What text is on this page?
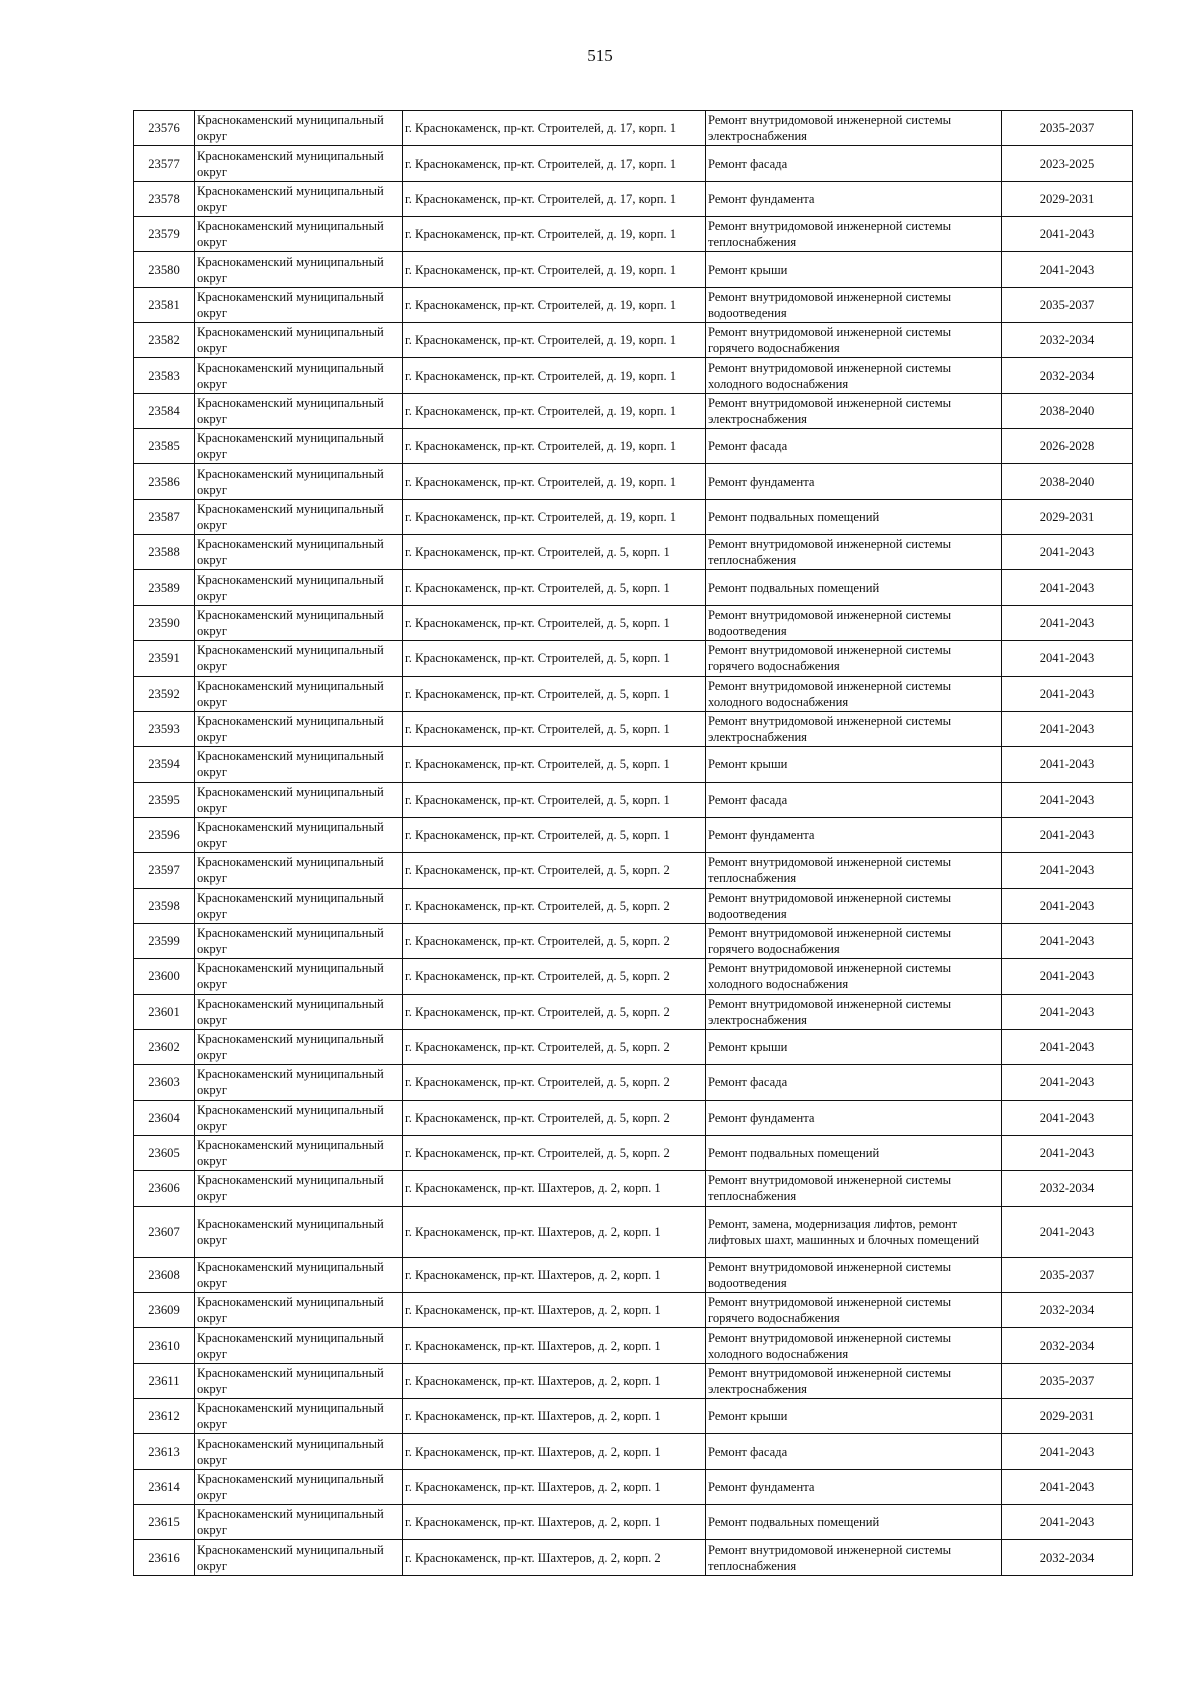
515
23576	Краснокаменский муниципальный округ	г. Краснокаменск, пр-кт. Строителей, д. 17, корп. 1	Ремонт внутридомовой инженерной системы электроснабжения	2035-2037
23577	Краснокаменский муниципальный округ	г. Краснокаменск, пр-кт. Строителей, д. 17, корп. 1	Ремонт фасада	2023-2025
23578	Краснокаменский муниципальный округ	г. Краснокаменск, пр-кт. Строителей, д. 17, корп. 1	Ремонт фундамента	2029-2031
23579	Краснокаменский муниципальный округ	г. Краснокаменск, пр-кт. Строителей, д. 19, корп. 1	Ремонт внутридомовой инженерной системы теплоснабжения	2041-2043
23580	Краснокаменский муниципальный округ	г. Краснокаменск, пр-кт. Строителей, д. 19, корп. 1	Ремонт крыши	2041-2043
23581	Краснокаменский муниципальный округ	г. Краснокаменск, пр-кт. Строителей, д. 19, корп. 1	Ремонт внутридомовой инженерной системы водоотведения	2035-2037
23582	Краснокаменский муниципальный округ	г. Краснокаменск, пр-кт. Строителей, д. 19, корп. 1	Ремонт внутридомовой инженерной системы горячего водоснабжения	2032-2034
23583	Краснокаменский муниципальный округ	г. Краснокаменск, пр-кт. Строителей, д. 19, корп. 1	Ремонт внутридомовой инженерной системы холодного водоснабжения	2032-2034
23584	Краснокаменский муниципальный округ	г. Краснокаменск, пр-кт. Строителей, д. 19, корп. 1	Ремонт внутридомовой инженерной системы электроснабжения	2038-2040
23585	Краснокаменский муниципальный округ	г. Краснокаменск, пр-кт. Строителей, д. 19, корп. 1	Ремонт фасада	2026-2028
23586	Краснокаменский муниципальный округ	г. Краснокаменск, пр-кт. Строителей, д. 19, корп. 1	Ремонт фундамента	2038-2040
23587	Краснокаменский муниципальный округ	г. Краснокаменск, пр-кт. Строителей, д. 19, корп. 1	Ремонт подвальных помещений	2029-2031
23588	Краснокаменский муниципальный округ	г. Краснокаменск, пр-кт. Строителей, д. 5, корп. 1	Ремонт внутридомовой инженерной системы теплоснабжения	2041-2043
23589	Краснокаменский муниципальный округ	г. Краснокаменск, пр-кт. Строителей, д. 5, корп. 1	Ремонт подвальных помещений	2041-2043
23590	Краснокаменский муниципальный округ	г. Краснокаменск, пр-кт. Строителей, д. 5, корп. 1	Ремонт внутридомовой инженерной системы водоотведения	2041-2043
23591	Краснокаменский муниципальный округ	г. Краснокаменск, пр-кт. Строителей, д. 5, корп. 1	Ремонт внутридомовой инженерной системы горячего водоснабжения	2041-2043
23592	Краснокаменский муниципальный округ	г. Краснокаменск, пр-кт. Строителей, д. 5, корп. 1	Ремонт внутридомовой инженерной системы холодного водоснабжения	2041-2043
23593	Краснокаменский муниципальный округ	г. Краснокаменск, пр-кт. Строителей, д. 5, корп. 1	Ремонт внутридомовой инженерной системы электроснабжения	2041-2043
23594	Краснокаменский муниципальный округ	г. Краснокаменск, пр-кт. Строителей, д. 5, корп. 1	Ремонт крыши	2041-2043
23595	Краснокаменский муниципальный округ	г. Краснокаменск, пр-кт. Строителей, д. 5, корп. 1	Ремонт фасада	2041-2043
23596	Краснокаменский муниципальный округ	г. Краснокаменск, пр-кт. Строителей, д. 5, корп. 1	Ремонт фундамента	2041-2043
23597	Краснокаменский муниципальный округ	г. Краснокаменск, пр-кт. Строителей, д. 5, корп. 2	Ремонт внутридомовой инженерной системы теплоснабжения	2041-2043
23598	Краснокаменский муниципальный округ	г. Краснокаменск, пр-кт. Строителей, д. 5, корп. 2	Ремонт внутридомовой инженерной системы водоотведения	2041-2043
23599	Краснокаменский муниципальный округ	г. Краснокаменск, пр-кт. Строителей, д. 5, корп. 2	Ремонт внутридомовой инженерной системы горячего водоснабжения	2041-2043
23600	Краснокаменский муниципальный округ	г. Краснокаменск, пр-кт. Строителей, д. 5, корп. 2	Ремонт внутридомовой инженерной системы холодного водоснабжения	2041-2043
23601	Краснокаменский муниципальный округ	г. Краснокаменск, пр-кт. Строителей, д. 5, корп. 2	Ремонт внутридомовой инженерной системы электроснабжения	2041-2043
23602	Краснокаменский муниципальный округ	г. Краснокаменск, пр-кт. Строителей, д. 5, корп. 2	Ремонт крыши	2041-2043
23603	Краснокаменский муниципальный округ	г. Краснокаменск, пр-кт. Строителей, д. 5, корп. 2	Ремонт фасада	2041-2043
23604	Краснокаменский муниципальный округ	г. Краснокаменск, пр-кт. Строителей, д. 5, корп. 2	Ремонт фундамента	2041-2043
23605	Краснокаменский муниципальный округ	г. Краснокаменск, пр-кт. Строителей, д. 5, корп. 2	Ремонт подвальных помещений	2041-2043
23606	Краснокаменский муниципальный округ	г. Краснокаменск, пр-кт. Шахтеров, д. 2, корп. 1	Ремонт внутридомовой инженерной системы теплоснабжения	2032-2034
23607	Краснокаменский муниципальный округ	г. Краснокаменск, пр-кт. Шахтеров, д. 2, корп. 1	Ремонт, замена, модернизация лифтов, ремонт лифтовых шахт, машинных и блочных помещений	2041-2043
23608	Краснокаменский муниципальный округ	г. Краснокаменск, пр-кт. Шахтеров, д. 2, корп. 1	Ремонт внутридомовой инженерной системы водоотведения	2035-2037
23609	Краснокаменский муниципальный округ	г. Краснокаменск, пр-кт. Шахтеров, д. 2, корп. 1	Ремонт внутридомовой инженерной системы горячего водоснабжения	2032-2034
23610	Краснокаменский муниципальный округ	г. Краснокаменск, пр-кт. Шахтеров, д. 2, корп. 1	Ремонт внутридомовой инженерной системы холодного водоснабжения	2032-2034
23611	Краснокаменский муниципальный округ	г. Краснокаменск, пр-кт. Шахтеров, д. 2, корп. 1	Ремонт внутридомовой инженерной системы электроснабжения	2035-2037
23612	Краснокаменский муниципальный округ	г. Краснокаменск, пр-кт. Шахтеров, д. 2, корп. 1	Ремонт крыши	2029-2031
23613	Краснокаменский муниципальный округ	г. Краснокаменск, пр-кт. Шахтеров, д. 2, корп. 1	Ремонт фасада	2041-2043
23614	Краснокаменский муниципальный округ	г. Краснокаменск, пр-кт. Шахтеров, д. 2, корп. 1	Ремонт фундамента	2041-2043
23615	Краснокаменский муниципальный округ	г. Краснокаменск, пр-кт. Шахтеров, д. 2, корп. 1	Ремонт подвальных помещений	2041-2043
23616	Краснокаменский муниципальный округ	г. Краснокаменск, пр-кт. Шахтеров, д. 2, корп. 2	Ремонт внутридомовой инженерной системы теплоснабжения	2032-2034
